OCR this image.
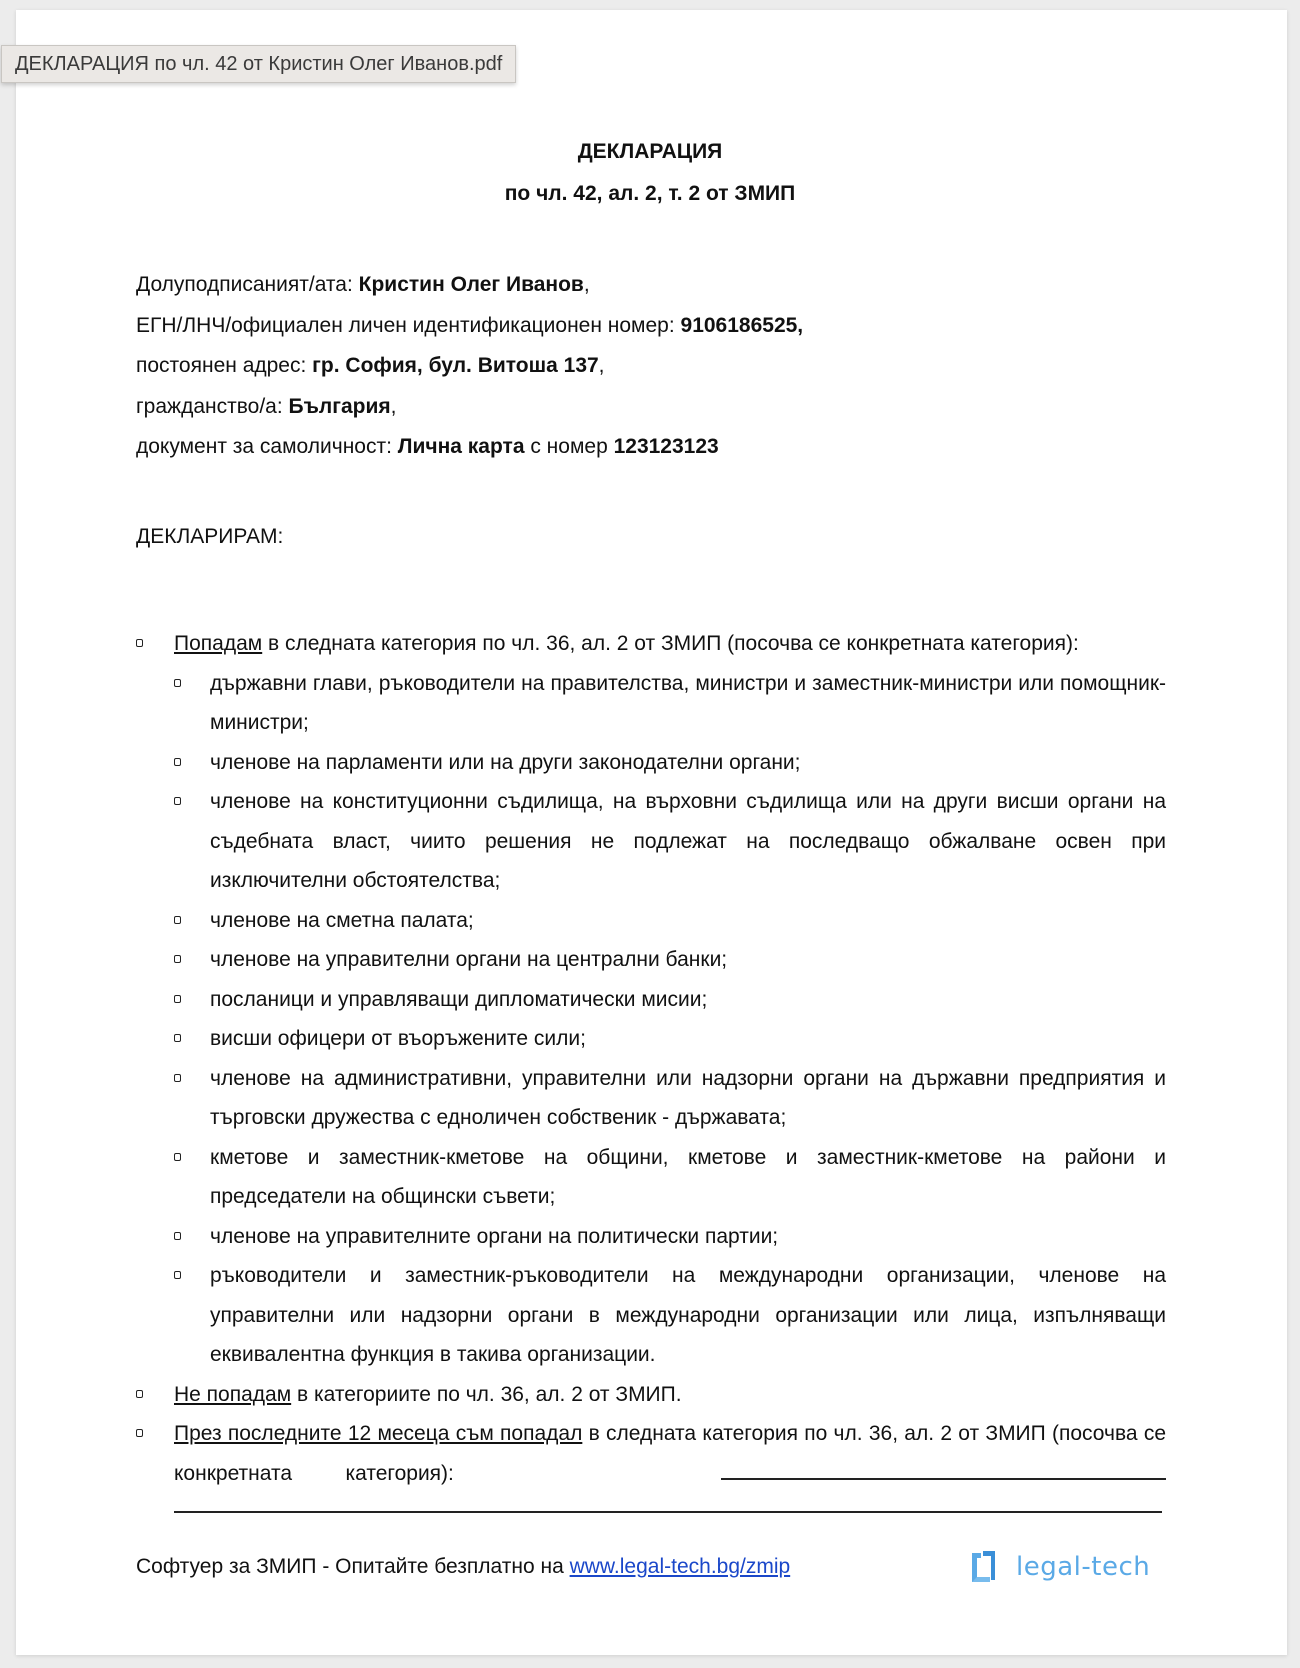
ДЕКЛАРАЦИЯ по чл. 42 от Кристин Олег Иванов.pdf
ДЕКЛАРАЦИЯ
по чл. 42, ал. 2, т. 2 от ЗМИП
Долуподписаният/ата: Кристин Олег Иванов,
ЕГН/ЛНЧ/официален личен идентификационен номер: 9106186525,
постоянен адрес: гр. София, бул. Витоша 137,
гражданство/а: България,
документ за самоличност: Лична карта с номер 123123123
ДЕКЛАРИРАМ:
Попадам в следната категория по чл. 36, ал. 2 от ЗМИП (посочва се конкретната категория):
държавни глави, ръководители на правителства, министри и заместник-министри или помощник-министри;
членове на парламенти или на други законодателни органи;
членове на конституционни съдилища, на върховни съдилища или на други висши органи на съдебната власт, чиито решения не подлежат на последващо обжалване освен при изключителни обстоятелства;
членове на сметна палата;
членове на управителни органи на централни банки;
посланици и управляващи дипломатически мисии;
висши офицери от въоръжените сили;
членове на административни, управителни или надзорни органи на държавни предприятия и търговски дружества с едноличен собственик - държавата;
кметове и заместник-кметове на общини, кметове и заместник-кметове на райони и председатели на общински съвети;
членове на управителните органи на политически партии;
ръководители и заместник-ръководители на международни организации, членове на управителни или надзорни органи в международни организации или лица, изпълняващи еквивалентна функция в такива организации.
Не попадам в категориите по чл. 36, ал. 2 от ЗМИП.
През последните 12 месеца съм попадал в следната категория по чл. 36, ал. 2 от ЗМИП (посочва се конкретната категория):
Софтуер за ЗМИП - Опитайте безплатно на www.legal-tech.bg/zmip	legal-tech
